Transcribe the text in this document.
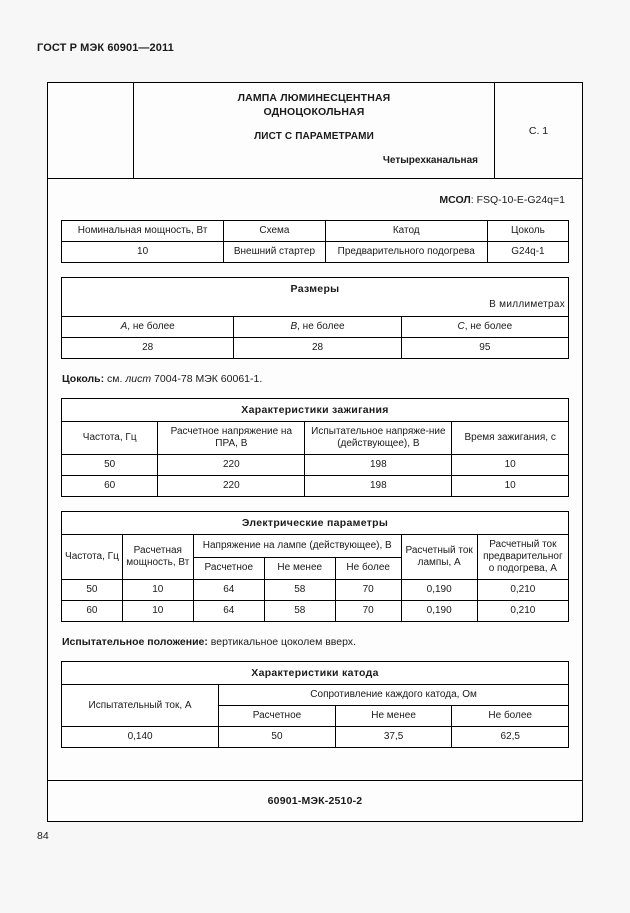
ГОСТ Р МЭК 60901—2011
ЛАМПА ЛЮМИНЕСЦЕНТНАЯ
ОДНОЦОКОЛЬНАЯ
ЛИСТ С ПАРАМЕТРАМИ
Четырехканальная
С. 1
МСОЛ: FSQ-10-E-G24q=1
Номинальная мощность, Вт	Схема	Катод	Цоколь
10	Внешний стартер	Предварительного подогрева	G24q-1
Размеры
В миллиметрах		

A, не более	B, не более	C, не более
28	28	95
Цоколь: см. лист 7004-78 МЭК 60061-1.
Характеристики зажигания			
Частота, Гц	Расчетное напряжение на ПРА, В	Испытательное напряже-ние (действующее), В	Время зажигания, с
50	220	198	10
60	220	198	10
Электрические параметры						
Частота, Гц	Расчетная мощность, Вт	Напряжение на лампе (действующее), В			Расчетный ток лампы, А	Расчетный ток предварительного подогрева, А
		Расчетное	Не менее	Не более		
50	10	64	58	70	0,190	0,210
60	10	64	58	70	0,190	0,210
Испытательное положение: вертикальное цоколем вверх.
Характеристики катода			
Испытательный ток, А	Сопротивление каждого катода, Ом		
	Расчетное	Не менее	Не более
0,140	50	37,5	62,5
60901-МЭК-2510-2
84
